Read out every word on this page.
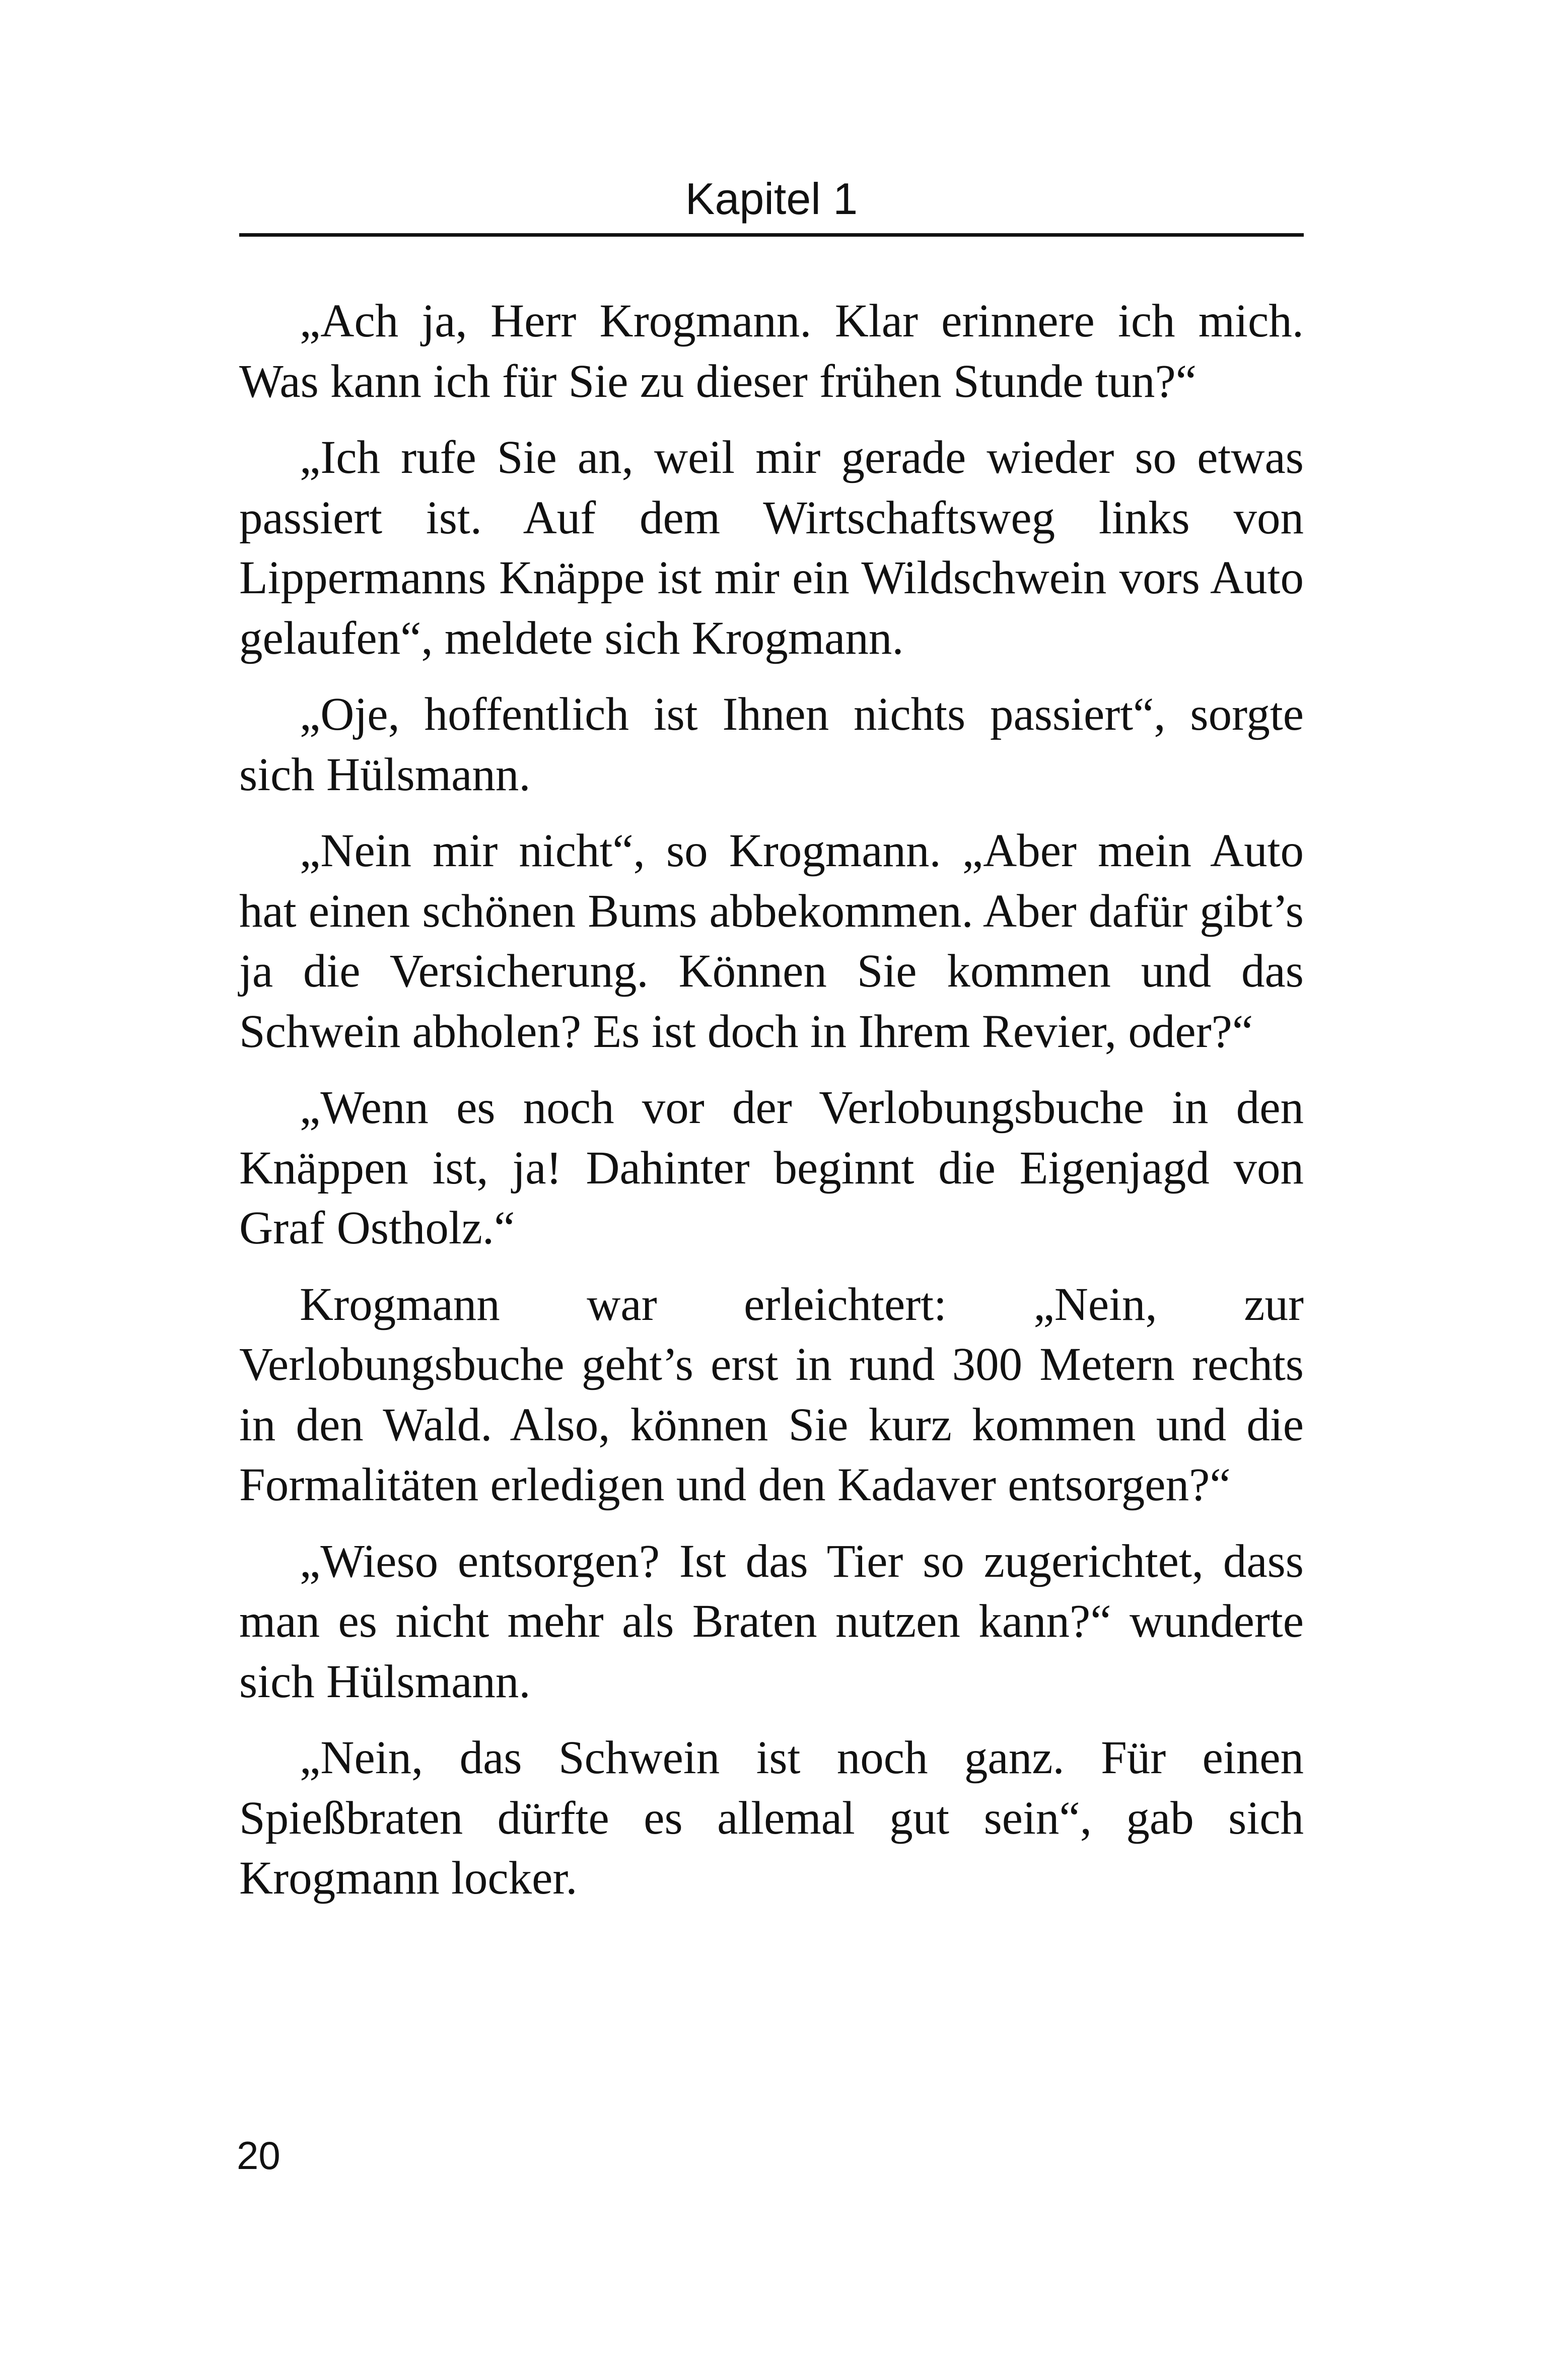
Kapitel 1

„Ach ja, Herr Krogmann. Klar erinnere ich mich. Was kann ich für Sie zu dieser frühen Stunde tun?“

„Ich rufe Sie an, weil mir gerade wieder so etwas passiert ist. Auf dem Wirtschaftsweg links von Lippermanns Knäppe ist mir ein Wildschwein vors Auto gelaufen“, meldete sich Krogmann.

„Oje, hoffentlich ist Ihnen nichts passiert“, sorgte sich Hülsmann.

„Nein mir nicht“, so Krogmann. „Aber mein Auto hat einen schönen Bums abbekommen. Aber dafür gibt’s ja die Versicherung. Können Sie kommen und das Schwein abholen? Es ist doch in Ihrem Revier, oder?“

„Wenn es noch vor der Verlobungsbuche in den Knäppen ist, ja! Dahinter beginnt die Eigenjagd von Graf Ostholz.“

Krogmann war erleichtert: „Nein, zur Verlobungsbuche geht’s erst in rund 300 Metern rechts in den Wald. Also, können Sie kurz kommen und die Formalitäten erledigen und den Kadaver entsorgen?“

„Wieso entsorgen? Ist das Tier so zugerichtet, dass man es nicht mehr als Braten nutzen kann?“ wunderte sich Hülsmann.

„Nein, das Schwein ist noch ganz. Für einen Spießbraten dürfte es allemal gut sein“, gab sich Krogmann locker.

20
